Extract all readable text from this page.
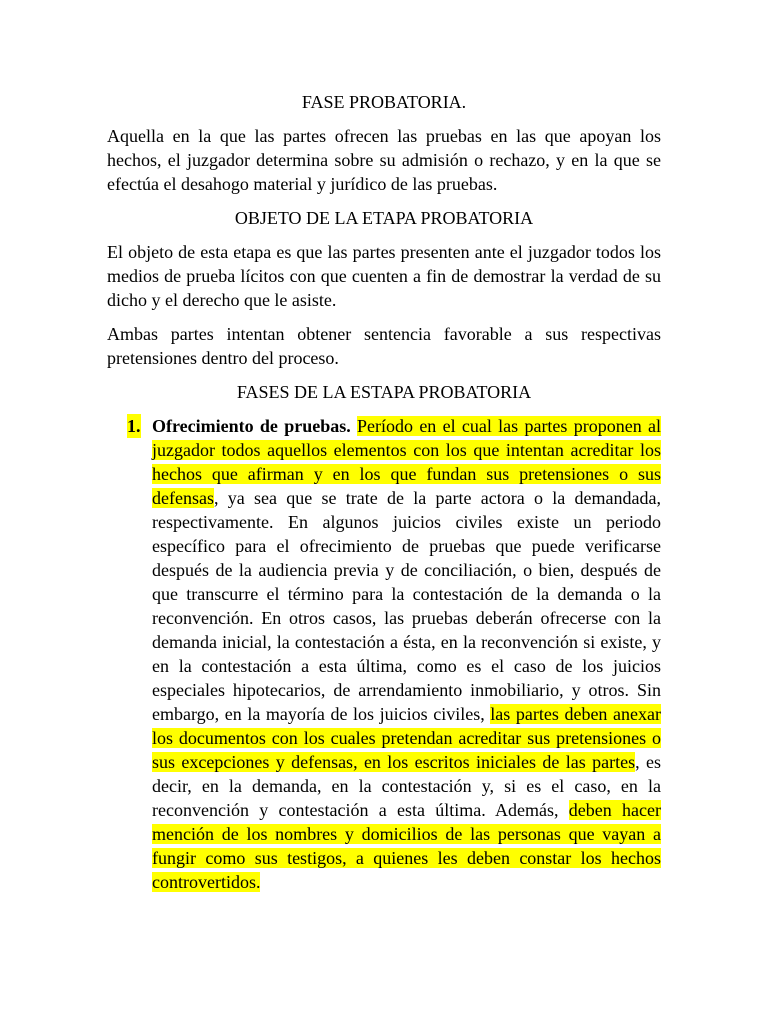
FASE PROBATORIA.

Aquella en la que las partes ofrecen las pruebas en las que apoyan los hechos, el juzgador determina sobre su admisión o rechazo, y en la que se efectúa el desahogo material y jurídico de las pruebas.

OBJETO DE LA ETAPA PROBATORIA

El objeto de esta etapa es que las partes presenten ante el juzgador todos los medios de prueba lícitos con que cuenten a fin de demostrar la verdad de su dicho y el derecho que le asiste.

Ambas partes intentan obtener sentencia favorable a sus respectivas pretensiones dentro del proceso.

FASES DE LA ESTAPA PROBATORIA

1. Ofrecimiento de pruebas. Período en el cual las partes proponen al juzgador todos aquellos elementos con los que intentan acreditar los hechos que afirman y en los que fundan sus pretensiones o sus defensas, ya sea que se trate de la parte actora o la demandada, respectivamente. En algunos juicios civiles existe un periodo específico para el ofrecimiento de pruebas que puede verificarse después de la audiencia previa y de conciliación, o bien, después de que transcurre el término para la contestación de la demanda o la reconvención. En otros casos, las pruebas deberán ofrecerse con la demanda inicial, la contestación a ésta, en la reconvención si existe, y en la contestación a esta última, como es el caso de los juicios especiales hipotecarios, de arrendamiento inmobiliario, y otros. Sin embargo, en la mayoría de los juicios civiles, las partes deben anexar los documentos con los cuales pretendan acreditar sus pretensiones o sus excepciones y defensas, en los escritos iniciales de las partes, es decir, en la demanda, en la contestación y, si es el caso, en la reconvención y contestación a esta última. Además, deben hacer mención de los nombres y domicilios de las personas que vayan a fungir como sus testigos, a quienes les deben constar los hechos controvertidos.
